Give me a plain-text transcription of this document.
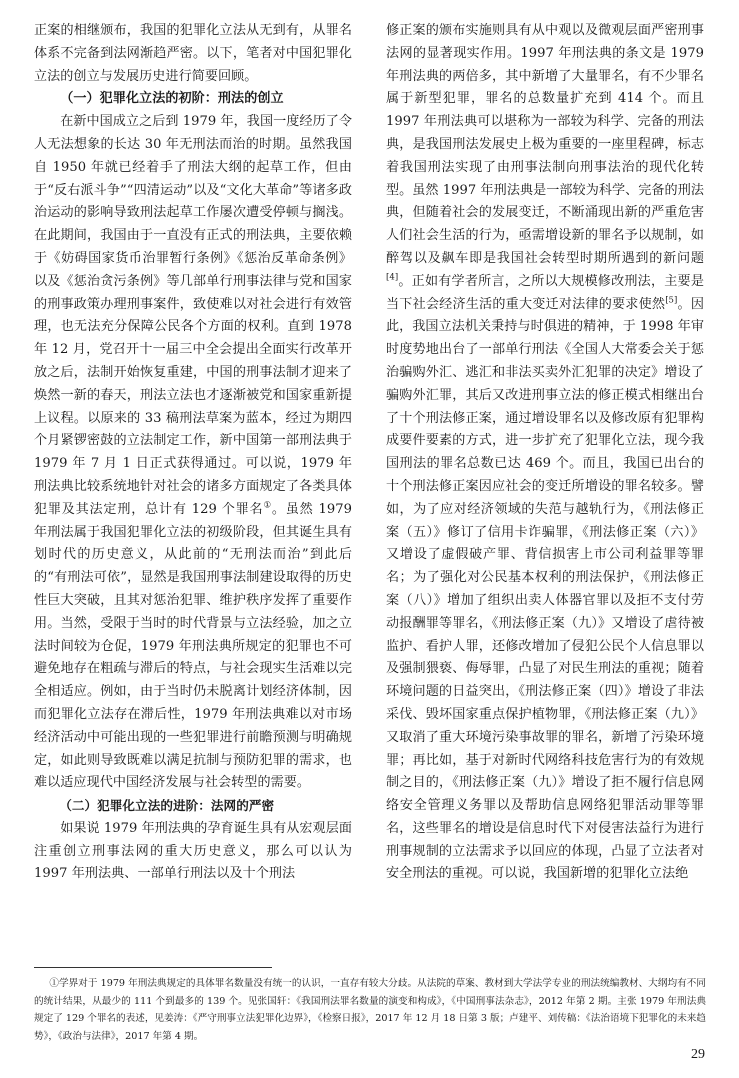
正案的相继颁布，我国的犯罪化立法从无到有，从罪名体系不完备到法网渐趋严密。以下，笔者对中国犯罪化立法的创立与发展历史进行简要回顾。

（一）犯罪化立法的初阶：刑法的创立

在新中国成立之后到 1979 年，我国一度经历了令人无法想象的长达 30 年无刑法而治的时期。虽然我国自 1950 年就已经着手了刑法大纲的起草工作，但由于“反右派斗争”“四清运动”以及“文化大革命”等诸多政治运动的影响导致刑法起草工作屡次遭受停顿与搁浅。在此期间，我国由于一直没有正式的刑法典，主要依赖于《妨碍国家货币治罪暂行条例》《惩治反革命条例》以及《惩治贪污条例》等几部单行刑事法律与党和国家的刑事政策办理刑事案件，致使难以对社会进行有效管理，也无法充分保障公民各个方面的权利。直到 1978 年 12 月，党召开十一届三中全会提出全面实行改革开放之后，法制开始恢复重建，中国的刑事法制才迎来了焕然一新的春天，刑法立法也才逐渐被党和国家重新提上议程。以原来的 33 稿刑法草案为蓝本，经过为期四个月紧锣密鼓的立法制定工作，新中国第一部刑法典于 1979 年 7 月 1 日正式获得通过。可以说，1979 年刑法典比较系统地针对社会的诸多方面规定了各类具体犯罪及其法定刑，总计有 129 个罪名①。虽然 1979 年刑法属于我国犯罪化立法的初级阶段，但其诞生具有划时代的历史意义，从此前的“无刑法而治”到此后的“有刑法可依”，显然是我国刑事法制建设取得的历史性巨大突破，且其对惩治犯罪、维护秩序发挥了重要作用。当然，受限于当时的时代背景与立法经验，加之立法时间较为仓促，1979 年刑法典所规定的犯罪也不可避免地存在粗疏与滞后的特点，与社会现实生活难以完全相适应。例如，由于当时仍未脱离计划经济体制，因而犯罪化立法存在滞后性，1979 年刑法典难以对市场经济活动中可能出现的一些犯罪进行前瞻预测与明确规定，如此则导致既难以满足抗制与预防犯罪的需求，也难以适应现代中国经济发展与社会转型的需要。

（二）犯罪化立法的进阶：法网的严密

如果说 1979 年刑法典的孕育诞生具有从宏观层面注重创立刑事法网的重大历史意义，那么可以认为 1997 年刑法典、一部单行刑法以及十个刑法

修正案的颁布实施则具有从中观以及微观层面严密刑事法网的显著现实作用。1997 年刑法典的条文是 1979 年刑法典的两倍多，其中新增了大量罪名，有不少罪名属于新型犯罪，罪名的总数量扩充到 414 个。而且 1997 年刑法典可以堪称为一部较为科学、完备的刑法典，是我国刑法发展史上极为重要的一座里程碑，标志着我国刑法实现了由刑事法制向刑事法治的现代化转型。虽然 1997 年刑法典是一部较为科学、完备的刑法典，但随着社会的发展变迁，不断涌现出新的严重危害人们社会生活的行为，亟需增设新的罪名予以规制，如醉驾以及飙车即是我国社会转型时期所遇到的新问题[4]。正如有学者所言，之所以大规模修改刑法，主要是当下社会经济生活的重大变迁对法律的要求使然[5]。因此，我国立法机关秉持与时俱进的精神，于 1998 年审时度势地出台了一部单行刑法《全国人大常委会关于惩治骗购外汇、逃汇和非法买卖外汇犯罪的决定》增设了骗购外汇罪，其后又改进刑事立法的修正模式相继出台了十个刑法修正案，通过增设罪名以及修改原有犯罪构成要件要素的方式，进一步扩充了犯罪化立法，现今我国刑法的罪名总数已达 469 个。而且，我国已出台的十个刑法修正案因应社会的变迁所增设的罪名较多。譬如，为了应对经济领域的失范与越轨行为，《刑法修正案（五）》修订了信用卡诈骗罪，《刑法修正案（六）》又增设了虚假破产罪、背信损害上市公司利益罪等罪名；为了强化对公民基本权利的刑法保护，《刑法修正案（八）》增加了组织出卖人体器官罪以及拒不支付劳动报酬罪等罪名，《刑法修正案（九）》又增设了虐待被监护、看护人罪，还修改增加了侵犯公民个人信息罪以及强制猥亵、侮辱罪，凸显了对民生刑法的重视；随着环境问题的日益突出，《刑法修正案（四）》增设了非法采伐、毁坏国家重点保护植物罪，《刑法修正案（九）》又取消了重大环境污染事故罪的罪名，新增了污染环境罪；再比如，基于对新时代网络科技危害行为的有效规制之目的，《刑法修正案（九）》增设了拒不履行信息网络安全管理义务罪以及帮助信息网络犯罪活动罪等罪名，这些罪名的增设是信息时代下对侵害法益行为进行刑事规制的立法需求予以回应的体现，凸显了立法者对安全刑法的重视。可以说，我国新增的犯罪化立法绝

①学界对于 1979 年刑法典规定的具体罪名数量没有统一的认识，一直存有较大分歧。从法院的草案、教材到大学法学专业的刑法统编教材、大纲均有不同的统计结果，从最少的 111 个到最多的 139 个。见张国轩：《我国刑法罪名数量的演变和构成》，《中国刑事法杂志》，2012 年第 2 期。主张 1979 年刑法典规定了 129 个罪名的表述，见姜涛：《严守刑事立法犯罪化边界》，《检察日报》，2017 年 12 月 18 日第 3 版；卢建平、刘传稿：《法治语境下犯罪化的未来趋势》，《政治与法律》，2017 年第 4 期。

29
